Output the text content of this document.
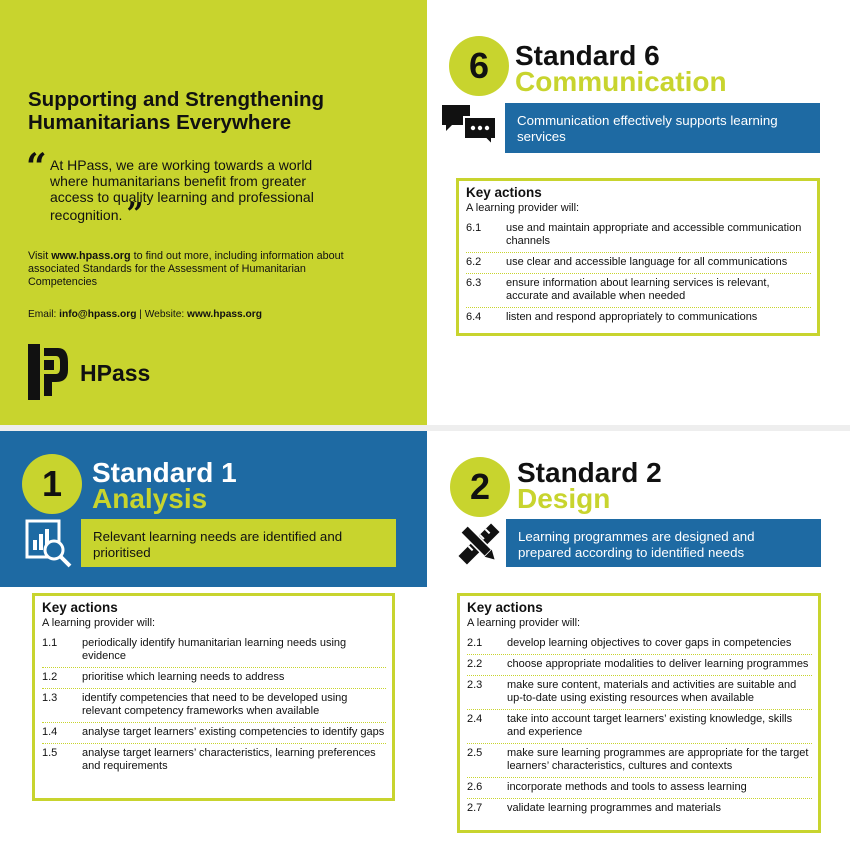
Supporting and Strengthening Humanitarians Everywhere
“ At HPass, we are working towards a world where humanitarians benefit from greater access to quality learning and professional recognition. ”
Visit www.hpass.org to find out more, including information about associated Standards for the Assessment of Humanitarian Competencies
Email: info@hpass.org | Website: www.hpass.org
HPass
6 Standard 6
Communication
Communication effectively supports learning services
Key actions
A learning provider will:
6.1	use and maintain appropriate and accessible communication channels
6.2	use clear and accessible language for all communications
6.3	ensure information about learning services is relevant, accurate and available when needed
6.4	listen and respond appropriately to communications
1	Standard 1
Analysis
Relevant learning needs are identified and prioritised
Key actions
A learning provider will:
1.1	periodically identify humanitarian learning needs using evidence
1.2	prioritise which learning needs to address
1.3	identify competencies that need to be developed using relevant competency frameworks when available
1.4	analyse target learners’ existing competencies to identify gaps
1.5	analyse target learners’ characteristics, learning preferences and requirements
2 Standard 2
Design
Learning programmes are designed and prepared according to identified needs
Key actions
A learning provider will:
2.1	develop learning objectives to cover gaps in competencies
2.2	choose appropriate modalities to deliver learning programmes
2.3	make sure content, materials and activities are suitable and up-to-date using existing resources when available
2.4	take into account target learners’ existing knowledge, skills and experience
2.5	make sure learning programmes are appropriate for the target learners’ characteristics, cultures and contexts
2.6	incorporate methods and tools to assess learning
2.7	validate learning programmes and materials
